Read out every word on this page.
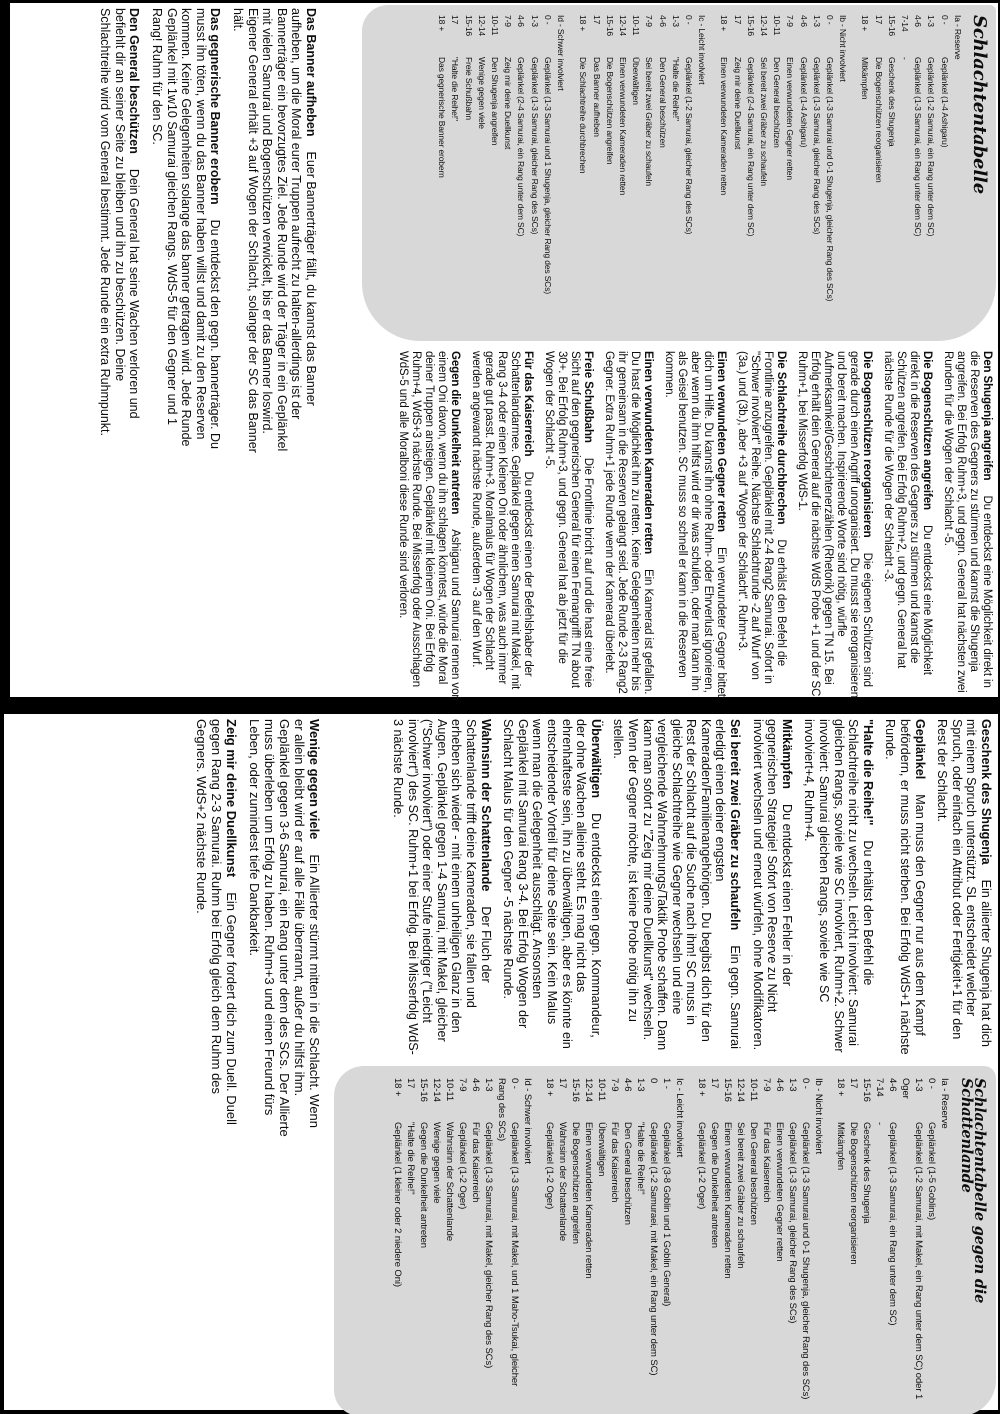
Schlachtentabelle
Ia - Reserve
0 -Geplänkel (1-4 Ashigaru)
1-3Geplänkel (1-2 Samurai, ein Rang unter dem SC)
4-6Geplänkel (1-3 Samurai, ein Rang unter dem SC)
7-14-
15-16Geschenk des Shugenja
17Die Bogenschützen reorganisieren
18 +Mitkämpfen
Ib - Nicht involviert
0 -Geplänkel (1-3 Samurai und 0-1 Shugenja, gleicher Rang des SCs)
1-3Geplänkel (1-3 Samurai, gleicher Rang des SCs)
4-6Geplänkel (1-4 Ashigaru)
7-9Einen verwundeten Gegner retten
10-11Den General beschützen
12-14Sei bereit zwei Gräber zu schaufeln
15-16Geplänkel (2-4 Samurai, ein Rang unter dem SC)
17Zeig mir deine Duellkunst
18 +Einen verwundeten Kameraden retten
Ic - Leicht involviert
0 -Geplänkel (1-2 Samurai, gleicher Rang des SCs)
1-3"Halte die Reihe!"
4-6Den General beschützen
7-9Sei bereit zwei Gräber zu schaufeln
10-11Überwältigen
12-14Einen verwundeten Kameraden retten
15-16Die Bogenschützen angreifen
17Das Banner aufheben
18 +Die Schlachtreihe durchbrechen
Id - Schwer involviert
0 -Geplänkel (1-3 Samurai und 1 Shugenja, gleicher Rang des SCs)
1-3Geplänkel (1-3 Samurai, gleicher Rang des SCs)
4-6Geplänkel (2-4 Samurai, ein Rang unter dem SC)
7-9Zeig mir deine Duellkunst
10-11Den Shugenja angreifen
12-14Wenige gegen viele
15-16Freie Schußbahn
17"Halte die Reihe!"
18 +Das gegnerische Banner erobern

Den Shugenja angreifenDu entdeckst eine Möglichkeit direkt in die Reserven des Gegners zu stürmen und kannst die Shugenja angreifen. Bei Erfolg Ruhm+3, und gegn. General hat nächsten zwei Runden für die Wogen der Schlacht -5.

Die Bogenschützen angreifenDu entdeckst eine Möglichkeit direkt in die Reserven des Gegners zu stürmen und kannst die Schützen angreifen. Bei Erfolg Ruhm+2, und gegn. General hat nächste Runde für die Wogen der Schlacht -3.

Die Bogenschützen reorganisierenDie eigenen Schützen sind gerade durch einen Angriff unorganisiert. Du musst sie reorganisieren und bereit machen. Inspirierende Worte sind nötig, würfle Aufmerksamkeit/Geschichtenerzählen (Rhetorik) gegen TN 15. Bei Erfolg erhält dein General auf die nächste WdS Probe +1 und der SC Ruhm+1, bei Misserfolg WdS-1.

Die Schlachtreihe durchbrechenDu erhälst den Befehl die Frontlinie anzugreifen. Geplänkel mit 2-4 Rang2 Samurai. Sofort in "Schwer involviert" Reihe. Nächste Schlachtrunde -2 auf Wurf von (3a.) und (3b.), aber +3 auf "Wogen der Schlacht". Ruhm+3.

Einen verwundeten Gegner rettenEin verwundeter Gegner bittet dich um Hilfe. Du kannst ihn ohne Ruhm- oder Ehrverlust ignorieren, aber wenn du ihm hilfst wird er dir was schulden, oder man kann ihn als Geisel benutzen. SC muss so schnell er kann in die Reserven kommen.

Einen verwundeten Kameraden rettenEin Kamerad ist gefallen. Du hast die Möglichkeit ihn zu retten. Keine Gelegenheiten mehr bis ihr gemeinsam in die Reserven gelangt seid. Jede Runde 2-3 Rang2 Gegner. Extra Ruhm+1 jede Runde wenn der Kamerad überlebt.

Freie SchußbahnDie Frontlinie bricht auf und die hast eine freie Sicht auf den gegnerischen General für einen Fernangriff! TN about 30+. Bei Erfolg Ruhm+3, und gegn. General hat ab jetzt für die Wogen der Schlacht -5.

Für das KaiserreichDu entdeckst einen der Befehlshaber der Schattenlandarmee. Geplänkel gegen einen Samurai mit Makel, mit Rang 3-4 oder einen Kleinen Oni oder ähnlichem, was auch immer gerade gut passt. Ruhm+3. Moralmalus für Wogen der Schlacht werden angewandt nächste Runde, außerdem -3 auf den Wurf.

Gegen die Dunkelheit antretenAshigaru und Samurai rennen von einem Oni davon, wenn du ihn schlagen könntest, würde die Moral deiner Truppen ansteigen. Geplänkel mit kleinem Oni. Bei Erfolg Ruhm+4, WdS+3 nächste Runde. Bei Misserfolg oder Ausschlagen WdS-5 und alle Moralboni diese Runde sind verloren.

Das Banner aufhebenEuer Bannerträger fällt, du kannst das Banner aufheben, um die Moral eurer Truppen aufrecht zu halten-allerdings ist der Bannerträger ein bevorzugtes Ziel. Jede Runde wird der Träger in ein Geplänkel mit vielen Samurai und Bogenschützen verwickelt, bis er das Banner loswird. Eigener General erhält +3 auf Wogen der Schlacht, solanger der SC das Banner hält.

Das gegnerische Banner erobernDu entdeckst den gegn. bannerträger. Du musst ihn töten, wenn du das Banner haben willst und damit zu den Reserven kommen. Keine Gelegenheiten solange das banner getragen wird. Jede Runde Geplänkel mit 1w10 Samurai gleichen Rangs. WdS-5 für den Gegner und 1 Rang! Ruhm für den SC.

Den General beschützenDein General hat seine Wachen verloren und befiehlt dir an seiner Seite zu bleiben und ihn zu beschützen. Deine Schlachtreihe wird vom General bestimmt. Jede Runde ein extra Ruhmpunkt.

Geschenk des ShugenjaEin aliierter Shugenja hat dich mit einem Spruch unterstützt. SL entscheidet welcher Spruch, oder einfach ein Attribut oder Fertigkeit+1 für den Rest der Schlacht.

GeplänkelMan muss den Gegner nur aus dem Kampf befördern, er muss nicht sterben. Bei Erfolg WdS+1 nächste Runde.

"Halte die Reihe!"Du erhältst den Befehl die Schlachtreihe nicht zu wechseln. Leicht involviert: Samurai gleichen Rangs, soviele wie SC involviert, Ruhm+2. Schwer involviert: Samurai gleichen Rangs, soviele wie SC involviert+4, Ruhm+4.

MitkämpfenDu entdeckst einen Fehler in der gegnerischen Strategie! Sofort von Reserve zu Nicht involviert wechseln und erneut würfeln, ohne Modifikatoren.

Sei bereit zwei Gräber zu schaufelnEin gegn. Samurai erledigt einen deiner engsten Kameraden/Familienangehörigen. Du begibst dich für den Rest der Schlacht auf die Suche nach ihm! SC muss in gleiche Schlachtreihe wie Gegner wechseln und eine vergleichende Wahrnehmungs/Taktik Probe schaffen. Dann kann man sofort zu "Zeig mir deine Duellkunst" wechseln. Wenn der Gegner möchte, ist keine Probe nötig ihn zu stellen.

ÜberwältigenDu entdeckst einen gegn. Kommandeur, der ohne Wachen alleine steht. Es mag nicht das ehrenhafteste sein, ihn zu überwältigen, aber es könnte ein entscheidender Vorteil für deine Seite sein. Kein Malus wenn man die Gelegenheit ausschlägt. Ansonsten Geplänkel mit Samurai Rang 3-4. Bei Erfolg Wogen der Schlacht Malus für den Gegner -5 nächste Runde.

Wahnsinn der SchattenlandeDer Fluch der Schattenlande trifft deine Kameraden, sie fallen und erheben sich wieder - mit einem unheiligen Glanz in den Augen. Geplänkel gegen 1-4 Samurai, mit Makel, gleicher ("Schwer involviert") oder einer Stufe niedriger ("Leicht involviert") des SC. Ruhm+1 bei Erfolg. Bei Misserfolg WdS-3 nächste Runde.

Schlachtentabelle gegen die Schattenlande
Ia - Reserve
0 -Geplänkel (1-5 Goblins)
1-3Geplänkel (1-2 Samurai, mit Makel, ein Rang unter dem SC) oder 1 Oger
4-6Geplänkel (1-3 Samurai, ein Rang unter dem SC)
7-14-
15-16Geschenk des Shugenja
17Die Bogenschützen reorganisieren
18 +Mitkämpfen
Ib - Nicht involviert
0 -Geplänkel (1-3 Samurai und 0-1 Shugenja, gleicher Rang des SCs)
1-3Geplänkel (1-3 Samurai, gleicher Rang des SCs)
4-6Einen verwundeten Gegner retten
7-9Für das Kaiserreich
10-11Den General beschützen
12-14Sei bereit zwei Gräber zu schaufeln
15-16Einen verwundeten Kameraden retten
17Gegen die Dunkelheit antreten
18 +Geplänkel (1-2 Oger)
Ic - Leicht involviert
1 -Geplänkel (3-8 Goblin und 1 Goblin General)
0Geplänkel (1-2 Samuraei, mit Makel, ein Rang unter dem SC)
1-3"Halte die Reihe!"
4-6Den General beschützen
7-9Für das Kaiserreich
10-11Überwältigen
12-14Einen verwundeten Kameraden retten
15-16Die Bogenschützen angreifen
17Wahnsinn der Schattenlande
18 +Geplänkel (1-2 Oger)
Id - Schwer involviert
0 -Geplänkel (1-3 Samurai, mit Makel, und 1 Maho-Tsukai, gleicher Rang des SCs)
1-3Geplänkel (1-3 Samurai, mit Makel, gleicher Rang des SCs)
4-6Für das Kaiserreich
7-9Geplänkel (1-2 Oger)
10-11Wahnsinn der Schattenlande
12-14Wenige gegen viele
15-16Gegen die Dunkelheit antreten
17"Halte die Reihe!"
18 +Geplänkel (1 kleiner oder 2 niedere Oni)

Wenige gegen vieleEin Allierter stürmt mitten in die Schlacht. Wenn er allein bleibt wird er auf alle Fälle überrannt, außer du hilfst ihm. Geplänkel gegen 3-6 Samurai, ein Rang unter dem des SCs. Der Allierte muss überleben um Erfolg zu haben. Ruhm+3 und einen Freund fürs Leben, oder zumindest tiefe Dankbarkeit.

Zeig mir deine DuellkunstEin Gegner fordert dich zum Duell. Duell gegen Rang 2-3 Samurai. Ruhm bei Erfolg gleich dem Ruhm des Gegners. WdS+2 nächste Runde.
